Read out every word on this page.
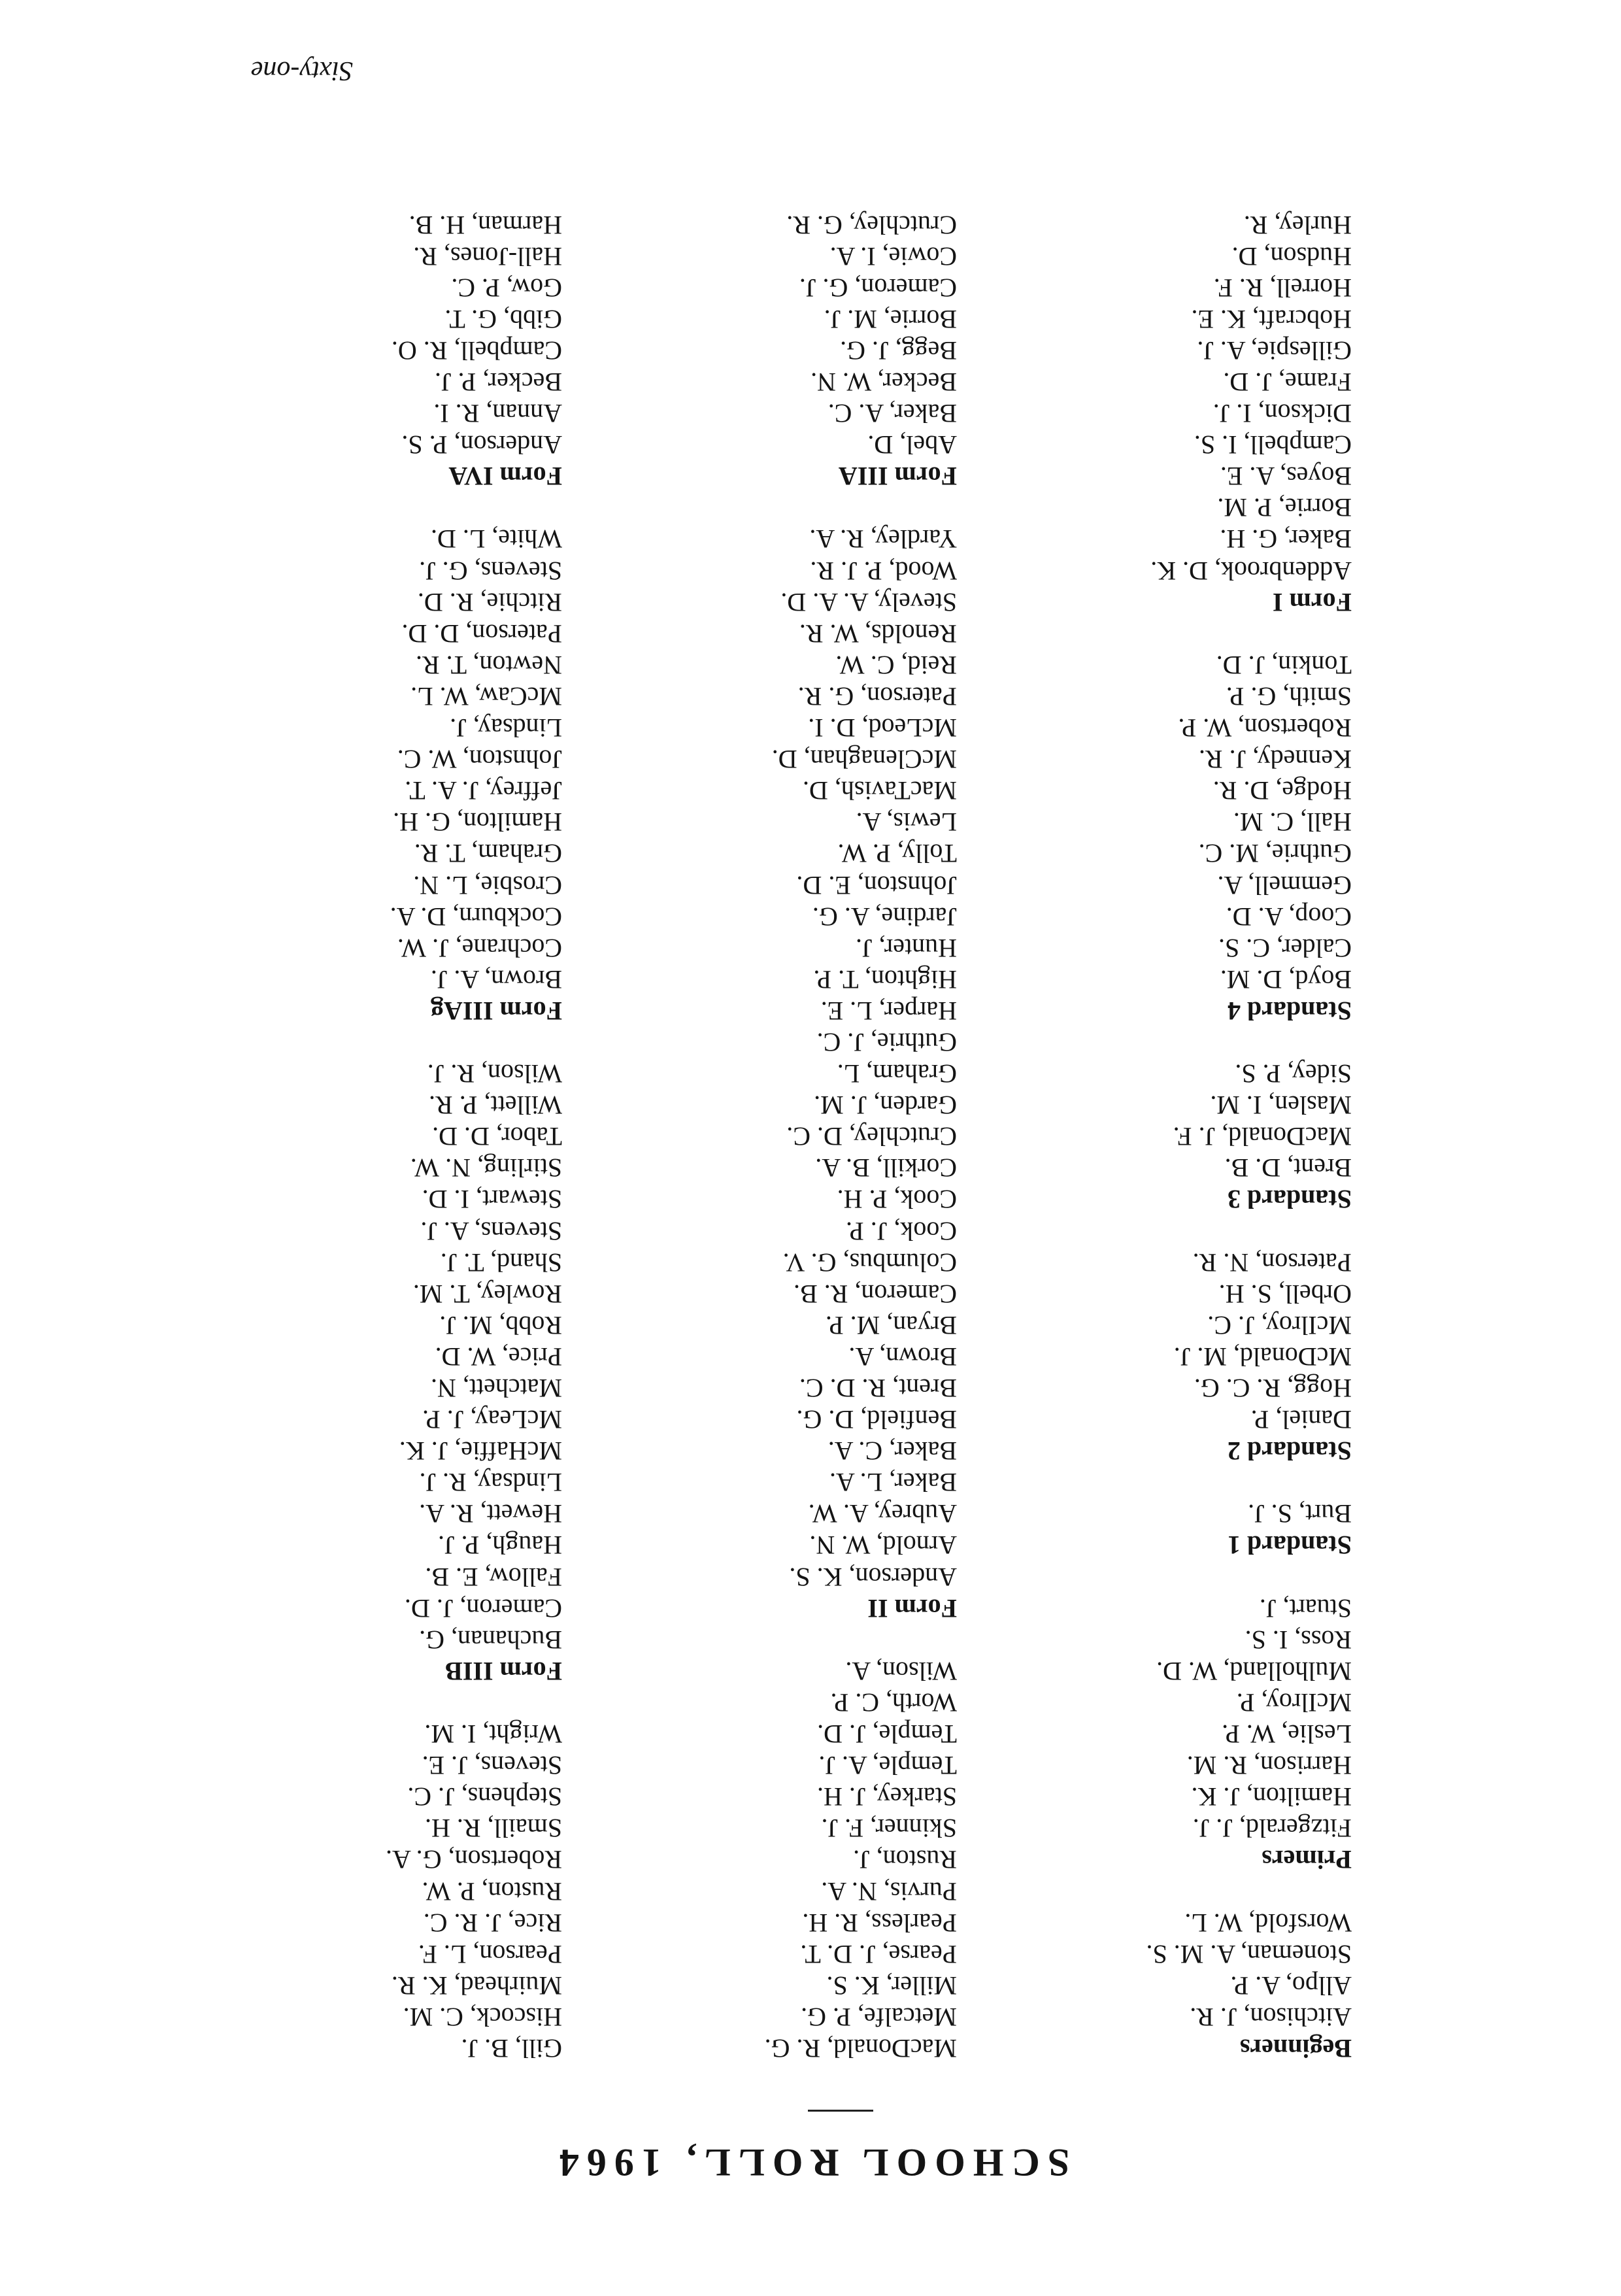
SCHOOL ROLL, 1964
Beginners
Aitchison, J. R.
Allpo, A. P.
Stoneman, A. M. S.
Worsfold, W. L.
Primers
Fitzgerald, J. J.
Hamilton, J. K.
Harrison, R. M.
Leslie, W. P.
McIlroy, P.
Mulholland, W. D.
Ross, I. S.
Stuart, J.
Standard 1
Burt, S. J.
Standard 2
Daniel, P.
Hogg, R. C. G.
McDonald, M. J.
McIlroy, J. C.
Orbell, S. H.
Paterson, N. R.
Standard 3
Brent, D. B.
MacDonald, J. F.
Maslen, I. M.
Sidey, P. S.
Standard 4
Boyd, D. M.
Calder, C. S.
Coop, A. D.
Gemmell, A.
Guthrie, M. C.
Hall, C. M.
Hodge, D. R.
Kennedy, J. R.
Robertson, W. P.
Smith, G. P.
Tonkin, J. D.
Form I
Addenbrook, D. K.
Baker, G. H.
Borrie, P. M.
Boyes, A. E.
Campbell, I. S.
Dickson, I. J.
Frame, J. D.
Gillespie, A. J.
Hobcraft, K. E.
Horrell, R. F.
Hudson, D.
Hurley, R.
MacDonald, R. G.
Metcalfe, P. G.
Miller, K. S.
Pearse, J. D. T.
Pearless, R. H.
Purvis, N. A.
Ruston, J.
Skinner, F. J.
Starkey, J. H.
Temple, A. J.
Temple, J. D.
Worth, C. P.
Wilson, A.
Form II
Anderson, K. S.
Arnold, W. N.
Aubrey, A. W.
Baker, L. A.
Baker, C. A.
Benfield, D. G.
Brent, R. D. C.
Brown, A.
Bryan, M. P.
Cameron, R. B.
Columbus, G. V.
Cook, J. P.
Cook, P. H.
Corkill, B. A.
Crutchley, D. C.
Garden, J. M.
Graham, L.
Guthrie, J. C.
Harper, L. E.
Highton, T. P.
Hunter, J.
Jardine, A. G.
Johnston, E. D.
Tolly, P. W.
Lewis, A.
MacTavish, D.
McClenaghan, D.
McLeod, D. I.
Paterson, G. R.
Reid, C. W.
Renolds, W. R.
Stevely, A. A. D.
Wood, P. J. R.
Yardley, R. A.
Form IIIA
Abel, D.
Baker, A. C.
Becker, W. N.
Begg, J. G.
Borrie, M. J.
Cameron, G. J.
Cowie, I. A.
Crutchley, G. R.
Gill, B. J.
Hiscock, C. M.
Muirhead, K. R.
Pearson, L. F.
Rice, J. R. C.
Ruston, P. W.
Robertson, G. A.
Smaill, R. H.
Stephens, J. C.
Stevens, J. E.
Wright, I. M.
Form IIIB
Buchanan, G.
Cameron, J. D.
Fallow, E. B.
Haugh, P. J.
Hewett, R. A.
Lindsay, R. J.
McHaffie, J. K.
McLeay, J. P.
Matchett, N.
Price, W. D.
Robb, M. J.
Rowley, T. M.
Shand, T. J.
Stevens, A. J.
Stewart, I. D.
Stirling, N. W.
Tabor, D. D.
Willett, P. R.
Wilson, R. J.
Form IIIAg
Brown, A. J.
Cochrane, J. W.
Cockburn, D. A.
Crosbie, L. N.
Graham, T. R.
Hamilton, G. H.
Jeffrey, J. A. T.
Johnston, W. C.
Lindsay, J.
McCaw, W. L.
Newton, T. R.
Paterson, D. D.
Ritchie, R. D.
Stevens, G. J.
White, L. D.
Form IVA
Anderson, P. S.
Annan, R. I.
Becker, P. J.
Campbell, R. O.
Gibb, G. T.
Gow, P. C.
Hall-Jones, R.
Harman, H. B.
Sixty-one
